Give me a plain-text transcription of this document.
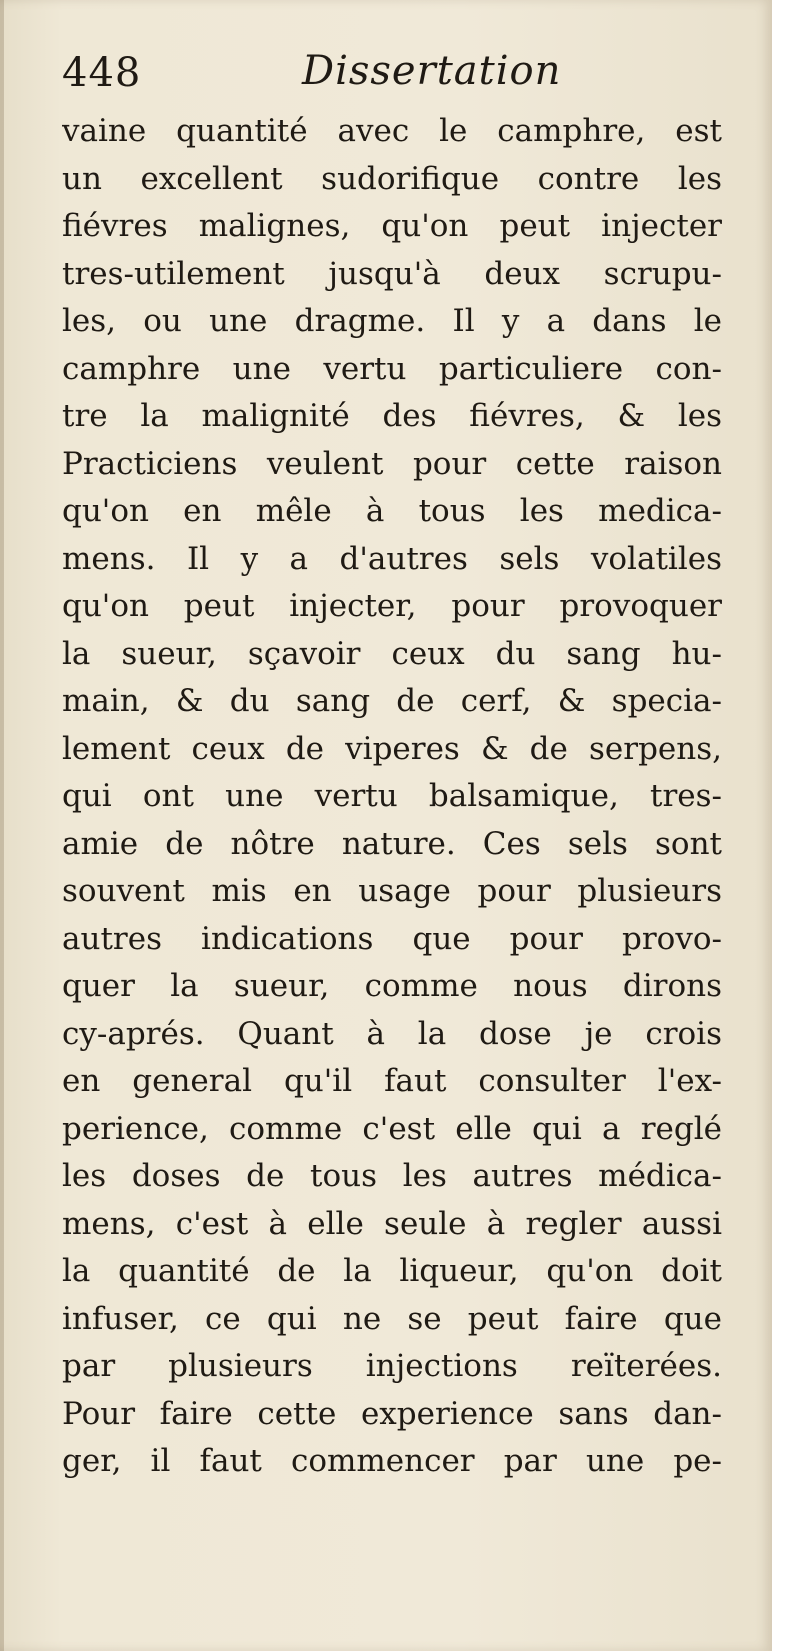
448	Dissertation
vaine quantité avec le camphre, est
un excellent sudorifique contre les
fiévres malignes, qu'on peut injecter
tres-utilement jusqu'à deux scrupu-
les, ou une dragme. Il y a dans le
camphre une vertu particuliere con-
tre la malignité des fiévres, & les
Practiciens veulent pour cette raison
qu'on en mêle à tous les medica-
mens. Il y a d'autres sels volatiles
qu'on peut injecter, pour provoquer
la sueur, sçavoir ceux du sang hu-
main, & du sang de cerf, & specia-
lement ceux de viperes & de serpens,
qui ont une vertu balsamique, tres-
amie de nôtre nature. Ces sels sont
souvent mis en usage pour plusieurs
autres indications que pour provo-
quer la sueur, comme nous dirons
cy-aprés. Quant à la dose je crois
en general qu'il faut consulter l'ex-
perience, comme c'est elle qui a reglé
les doses de tous les autres médica-
mens, c'est à elle seule à regler aussi
la quantité de la liqueur, qu'on doit
infuser, ce qui ne se peut faire que
par plusieurs injections reïterées.
Pour faire cette experience sans dan-
ger, il faut commencer par une pe-
